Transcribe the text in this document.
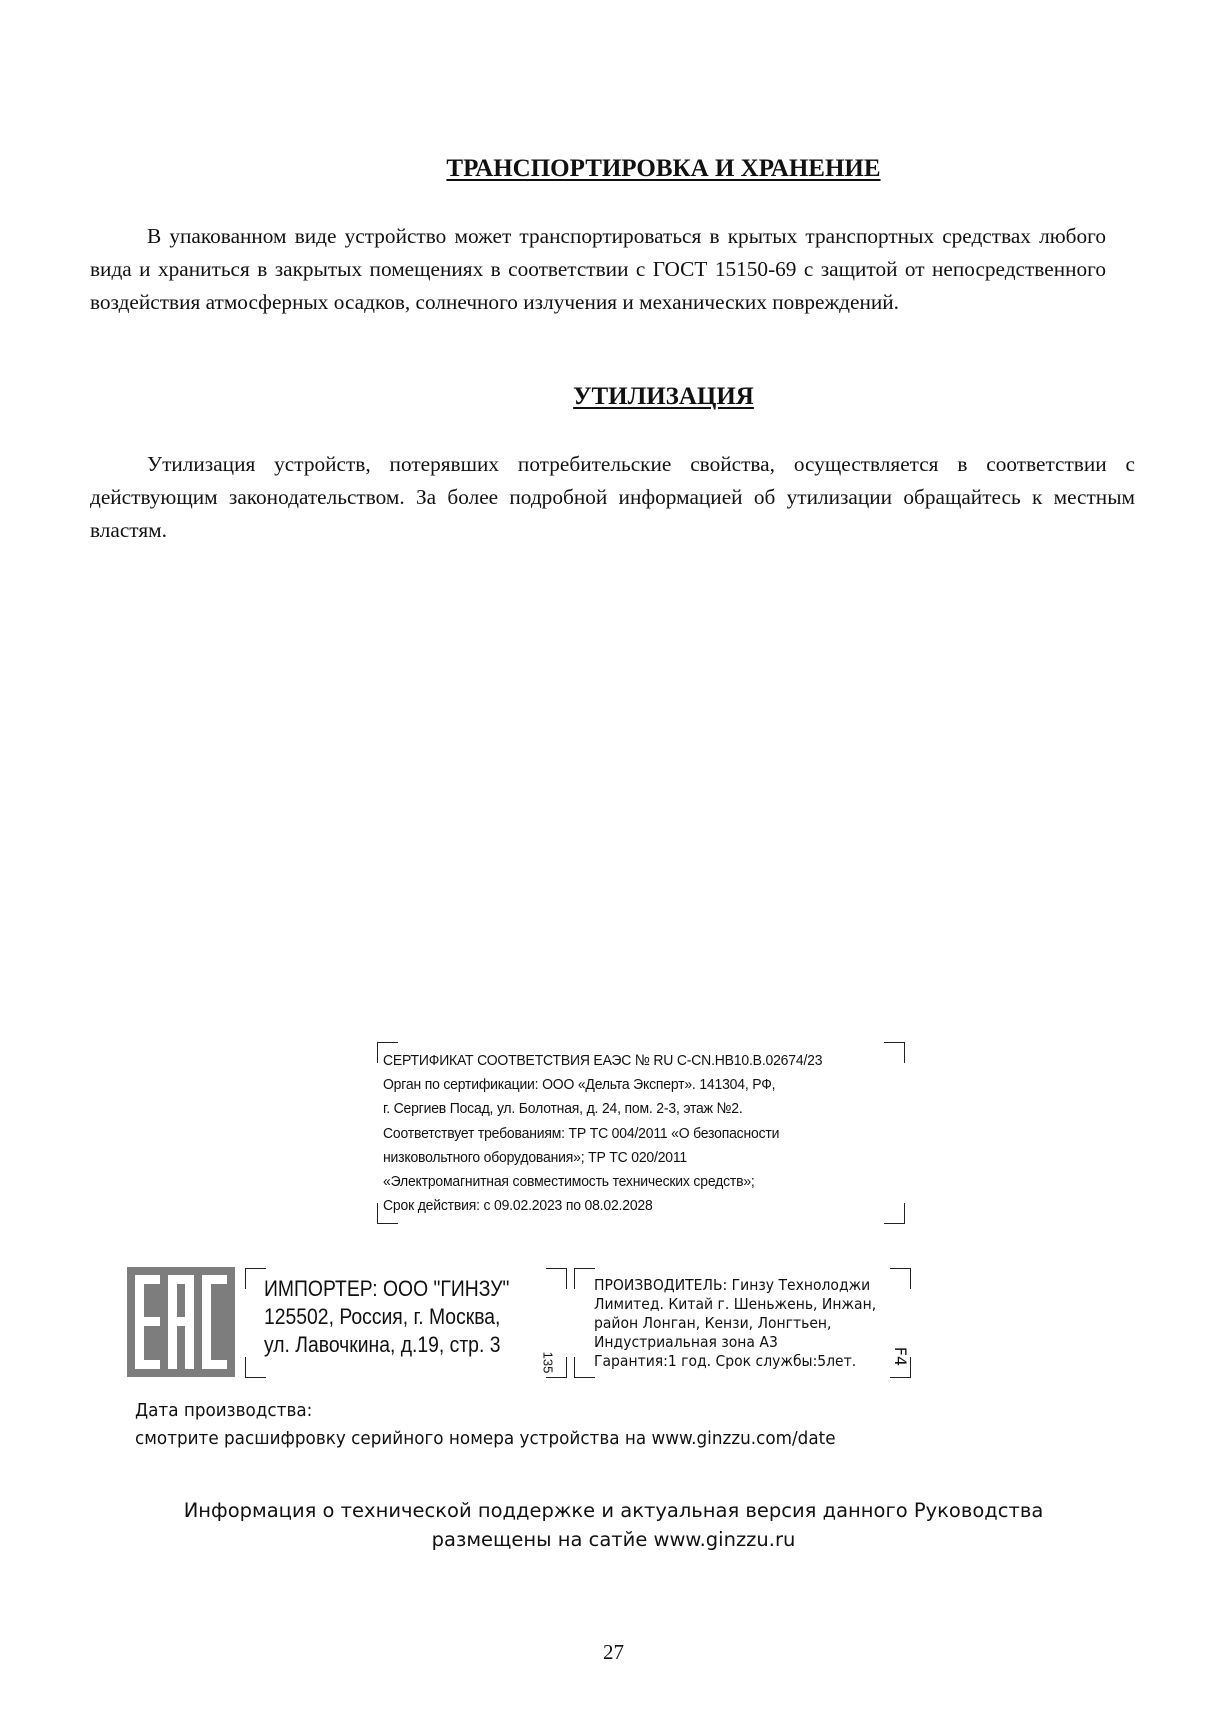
ТРАНСПОРТИРОВКА И ХРАНЕНИЕ

В упакованном виде устройство может транспортироваться в крытых транспортных средствах любого вида и храниться в закрытых помещениях в соответствии с ГОСТ 15150-69 с защитой от непосредственного воздействия атмосферных осадков, солнечного излучения и механических повреждений.

УТИЛИЗАЦИЯ

Утилизация устройств, потерявших потребительские свойства, осуществляется в соответствии с действующим законодательством. За более подробной информацией об утилизации обращайтесь к местным властям.

СЕРТИФИКАТ СООТВЕТСТВИЯ ЕАЭС № RU C-CN.НВ10.В.02674/23
Орган по сертификации: ООО «Дельта Эксперт». 141304, РФ,
г. Сергиев Посад, ул. Болотная, д. 24, пом. 2-3, этаж №2.
Соответствует требованиям: ТР ТС 004/2011 «О безопасности
низковольтного оборудования»; ТР ТС 020/2011
«Электромагнитная совместимость технических средств»;
Срок действия: с 09.02.2023 по 08.02.2028
ИМПОРТЕР: ООО "ГИНЗУ"
125502, Россия, г. Москва,
ул. Лавочкина, д.19, стр. 3
135
ПРОИЗВОДИТЕЛЬ: Гинзу Технолоджи
Лимитед. Китай г. Шеньжень, Инжан,
район Лонган, Кензи, Лонгтьен,
Индустриальная зона А3
Гарантия:1 год. Срок службы:5лет.	F4
Дата производства:
смотрите расшифровку серийного номера устройства на www.ginzzu.com/date
Информация о технической поддержке и актуальная версия данного Руководства
размещены на сатйе www.ginzzu.ru
27
